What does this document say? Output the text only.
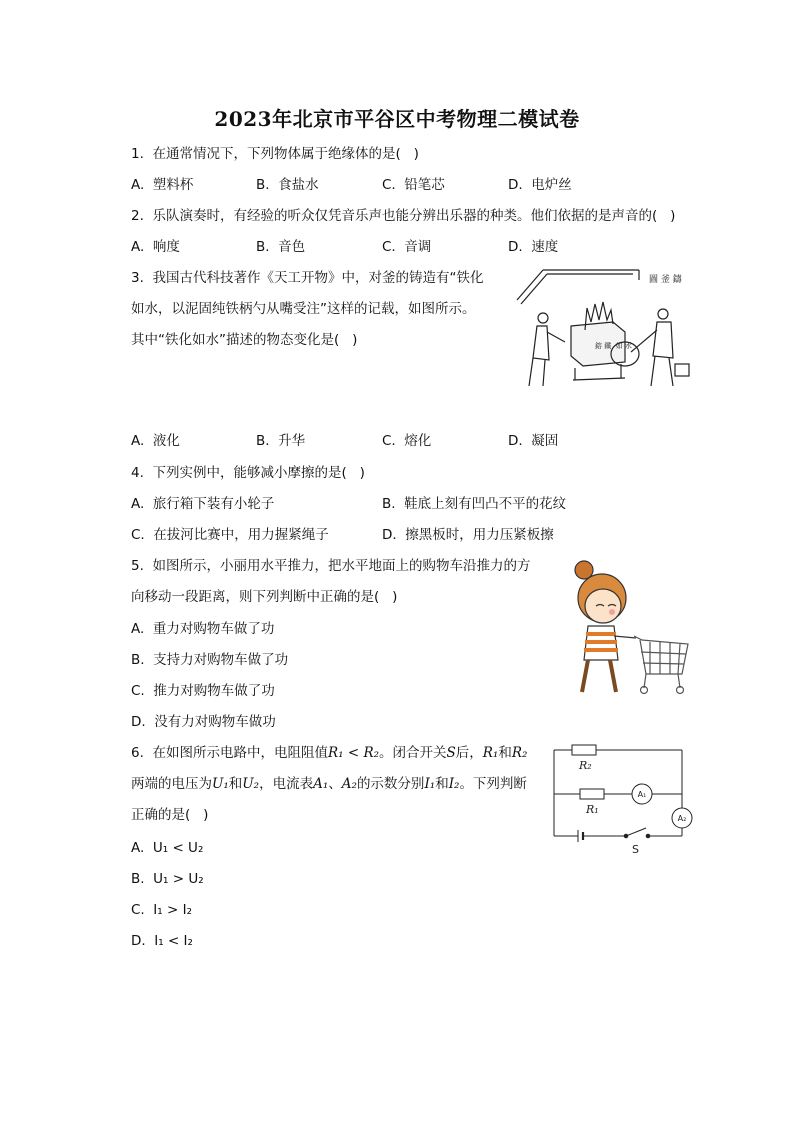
2023年北京市平谷区中考物理二模试卷
1.  在通常情况下，下列物体属于绝缘体的是(   )
A.  塑料杯	B.  食盐水	C.  铅笔芯	D.  电炉丝
2.  乐队演奏时，有经验的听众仅凭音乐声也能分辨出乐器的种类。他们依据的是声音的(   )
A.  响度	B.  音色	C.  音调	D.  速度
3.  我国古代科技著作《天工开物》中，对釜的铸造有“铁化
如水，以泥固纯铁柄勺从嘴受注”这样的记载，如图所示。
其中“铁化如水”描述的物态变化是(   )
圖 釜 鑄
鎔 鐵  如 水
A.  液化	B.  升华	C.  熔化	D.  凝固
4.  下列实例中，能够减小摩擦的是(   )
A.  旅行箱下装有小轮子	B.  鞋底上刻有凹凸不平的花纹
C.  在拔河比赛中，用力握紧绳子	D.  擦黑板时，用力压紧板擦
5.  如图所示，小丽用水平推力，把水平地面上的购物车沿推力的方
向移动一段距离，则下列判断中正确的是(   )
A.  重力对购物车做了功
B.  支持力对购物车做了功
C.  推力对购物车做了功
D.  没有力对购物车做功
6.  在如图所示电路中，电阻阻值R₁ < R₂。闭合开关S后，R₁和R₂
两端的电压为U₁和U₂，电流表A₁、A₂的示数分别I₁和I₂。下列判断
正确的是(   )
R₂
R₁
A₁
A₂
S
A.  U₁ < U₂
B.  U₁ > U₂
C.  I₁ > I₂
D.  I₁ < I₂
